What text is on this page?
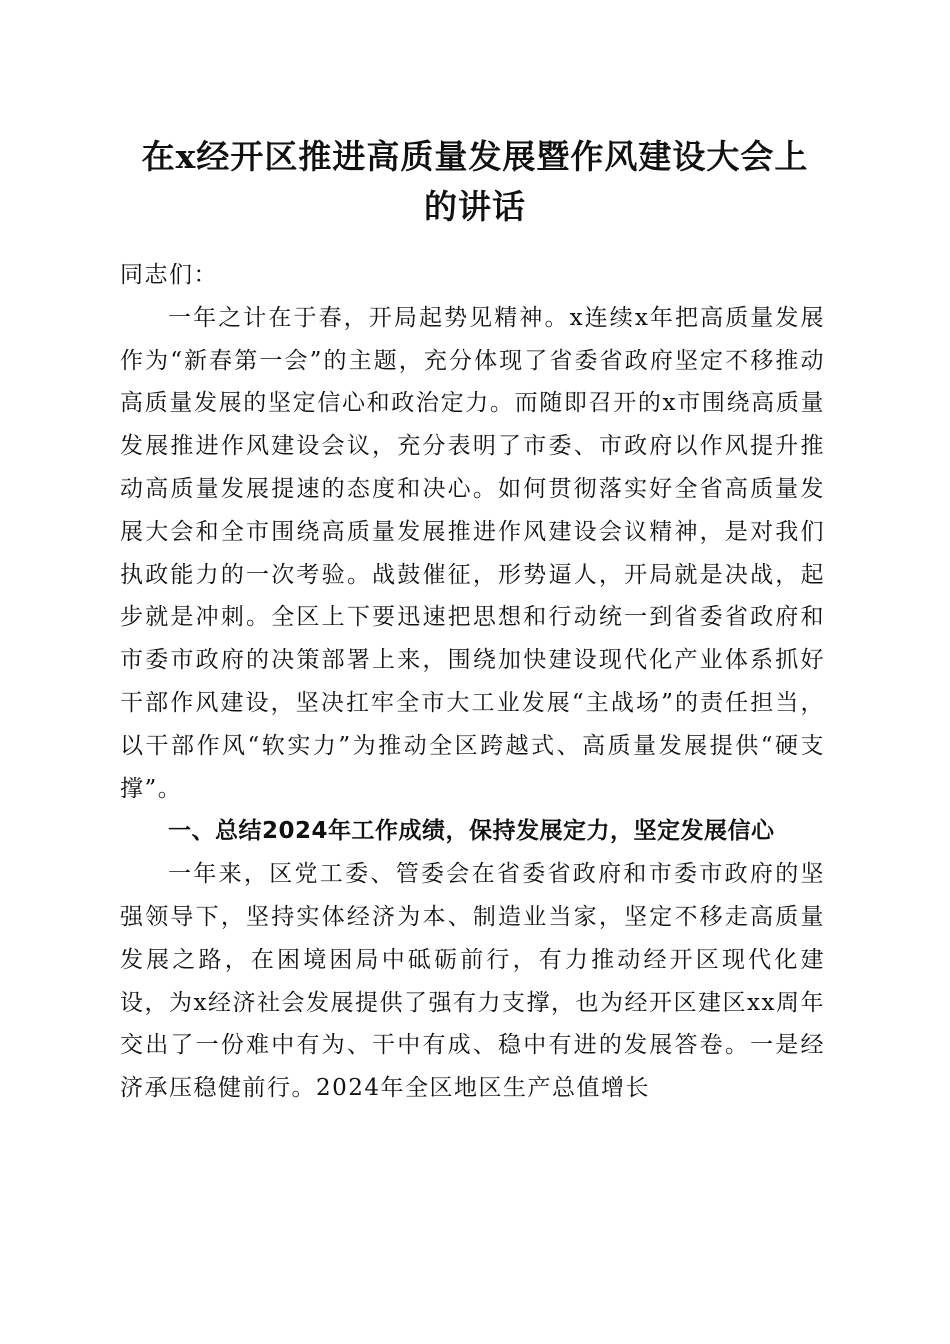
在x经开区推进高质量发展暨作风建设大会上
的讲话

同志们：

一年之计在于春，开局起势见精神。x连续x年把高质量发展作为“新春第一会”的主题，充分体现了省委省政府坚定不移推动高质量发展的坚定信心和政治定力。而随即召开的x市围绕高质量发展推进作风建设会议，充分表明了市委、市政府以作风提升推动高质量发展提速的态度和决心。如何贯彻落实好全省高质量发展大会和全市围绕高质量发展推进作风建设会议精神，是对我们执政能力的一次考验。战鼓催征，形势逼人，开局就是决战，起步就是冲刺。全区上下要迅速把思想和行动统一到省委省政府和市委市政府的决策部署上来，围绕加快建设现代化产业体系抓好干部作风建设，坚决扛牢全市大工业发展“主战场”的责任担当，以干部作风“软实力”为推动全区跨越式、高质量发展提供“硬支撑”。

一、总结2024年工作成绩，保持发展定力，坚定发展信心

一年来，区党工委、管委会在省委省政府和市委市政府的坚强领导下，坚持实体经济为本、制造业当家，坚定不移走高质量发展之路，在困境困局中砥砺前行，有力推动经开区现代化建设，为x经济社会发展提供了强有力支撑，也为经开区建区xx周年交出了一份难中有为、干中有成、稳中有进的发展答卷。一是经济承压稳健前行。2024年全区地区生产总值增长
